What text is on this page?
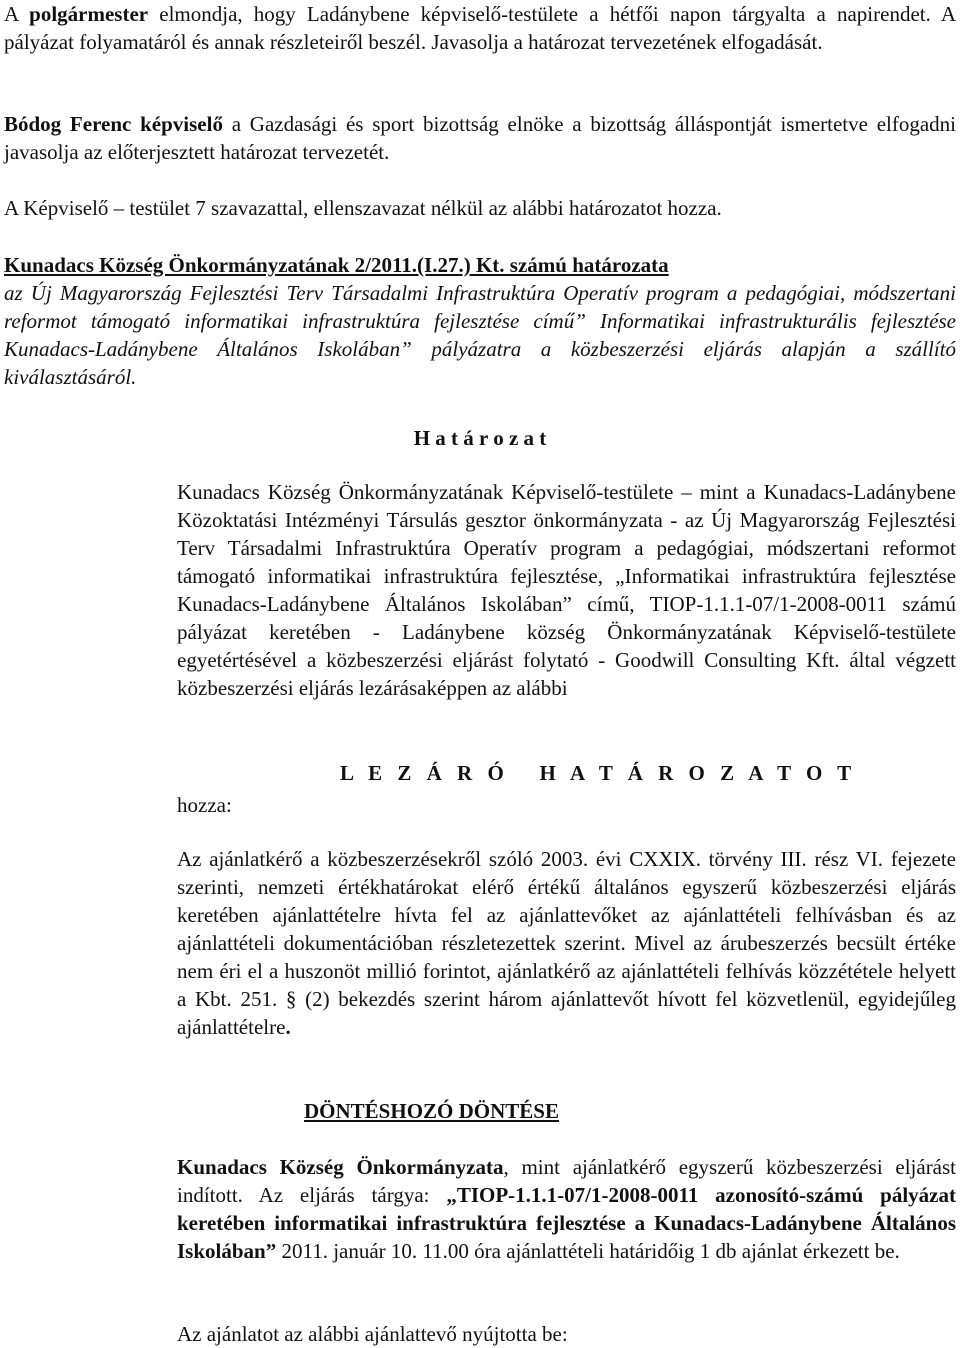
A polgármester elmondja, hogy Ladánybene képviselő-testülete a hétfői napon tárgyalta a napirendet. A pályázat folyamatáról és annak részleteiről beszél. Javasolja a határozat tervezetének elfogadását.

Bódog Ferenc képviselő a Gazdasági és sport bizottság elnöke a bizottság álláspontját ismertetve elfogadni javasolja az előterjesztett határozat tervezetét.

A Képviselő – testület 7 szavazattal, ellenszavazat nélkül az alábbi határozatot hozza.

Kunadacs Község Önkormányzatának 2/2011.(I.27.) Kt. számú határozata

az Új Magyarország Fejlesztési Terv Társadalmi Infrastruktúra Operatív program a pedagógiai, módszertani reformot támogató informatikai infrastruktúra fejlesztése című” Informatikai infrastrukturális fejlesztése Kunadacs-Ladánybene Általános Iskolában” pályázatra a közbeszerzési eljárás alapján a szállító kiválasztásáról.

H a t á r o z a t

Kunadacs Község Önkormányzatának Képviselő-testülete – mint a Kunadacs-Ladánybene Közoktatási Intézményi Társulás gesztor önkormányzata - az Új Magyarország Fejlesztési Terv Társadalmi Infrastruktúra Operatív program a pedagógiai, módszertani reformot támogató informatikai infrastruktúra fejlesztése, „Informatikai infrastruktúra fejlesztése Kunadacs-Ladánybene Általános Iskolában” című, TIOP-1.1.1-07/1-2008-0011 számú pályázat keretében - Ladánybene község Önkormányzatának Képviselő-testülete egyetértésével a közbeszerzési eljárást folytató - Goodwill Consulting Kft. által végzett közbeszerzési eljárás lezárásaképpen az alábbi

L E Z Á R Ó   H A T Á R O Z A T O T
hozza:

Az ajánlatkérő a közbeszerzésekről szóló 2003. évi CXXIX. törvény III. rész VI. fejezete szerinti, nemzeti értékhatárokat elérő értékű általános egyszerű közbeszerzési eljárás keretében ajánlattételre hívta fel az ajánlattevőket az ajánlattételi felhívásban és az ajánlattételi dokumentációban részletezettek szerint. Mivel az árubeszerzés becsült értéke nem éri el a huszonöt millió forintot, ajánlatkérő az ajánlattételi felhívás közzététele helyett a Kbt. 251. § (2) bekezdés szerint három ajánlattevőt hívott fel közvetlenül, egyidejűleg ajánlattételre.

DÖNTÉSHOZÓ DÖNTÉSE

Kunadacs Község Önkormányzata, mint ajánlatkérő egyszerű közbeszerzési eljárást indított. Az eljárás tárgya: „TIOP-1.1.1-07/1-2008-0011 azonosító-számú pályázat keretében informatikai infrastruktúra fejlesztése a Kunadacs-Ladánybene Általános Iskolában” 2011. január 10. 11.00 óra ajánlattételi határidőig 1 db ajánlat érkezett be.

Az ajánlatot az alábbi ajánlattevő nyújtotta be:
